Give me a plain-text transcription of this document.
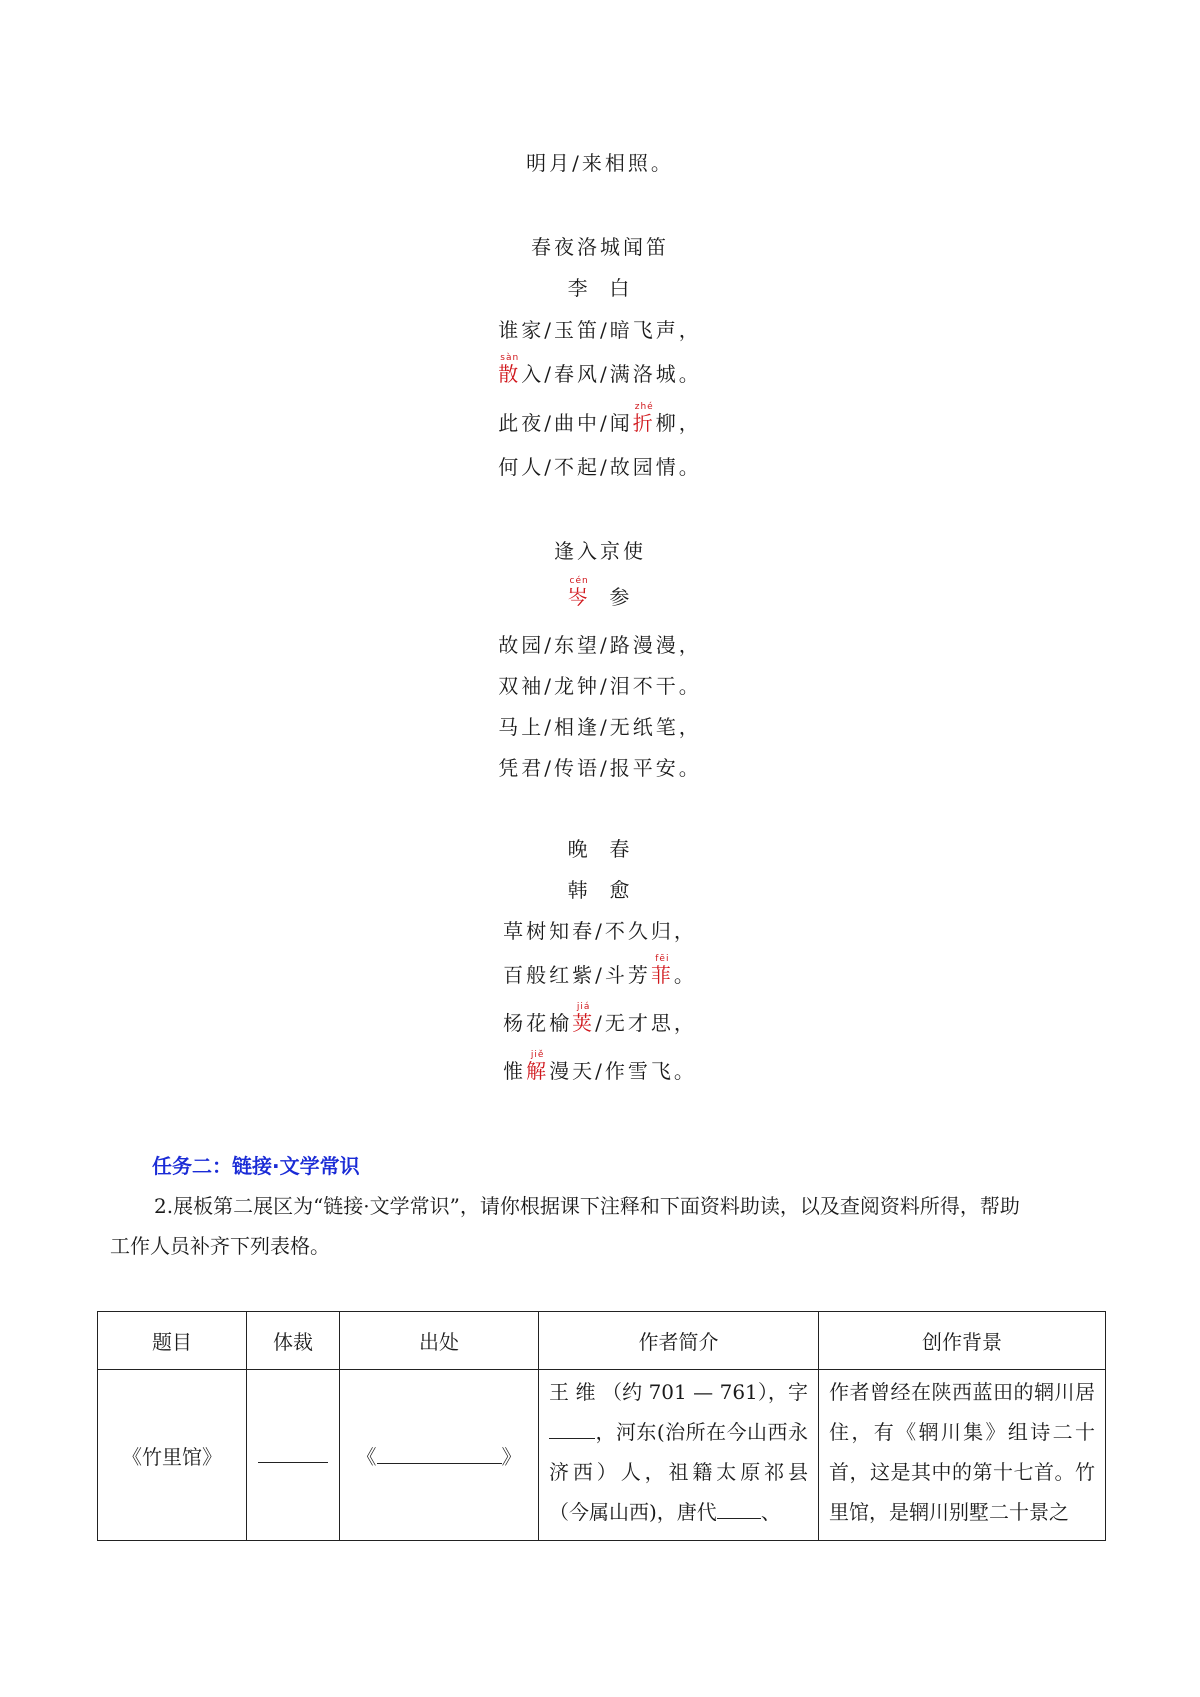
明月/来相照。
春夜洛城闻笛
李  白
谁家/玉笛/暗飞声，
散sàn入/春风/满洛城。
此夜/曲中/闻折zhé柳，
何人/不起/故园情。
逢入京使
岑cén  参
故园/东望/路漫漫，
双袖/龙钟/泪不干。
马上/相逢/无纸笔，
凭君/传语/报平安。
晚  春
韩  愈
草树知春/不久归，
百般红紫/斗芳菲fēi。
杨花榆荚jiá/无才思，
惟解jiě漫天/作雪飞。
任务二：链接·文学常识
2.展板第二展区为“链接·文学常识”，请你根据课下注释和下面资料助读，以及查阅资料所得，帮助
工作人员补齐下列表格。
题目	体裁	出处	作者简介	创作背景
《竹里馆》		《 》	王 维 （约 701 — 761），字，河东(治所在今山西永济西）人，祖籍太原祁县（今属山西)，唐代 、	作者曾经在陕西蓝田的辋川居住，有《辋川集》组诗二十首，这是其中的第十七首。竹里馆，是辋川别墅二十景之
